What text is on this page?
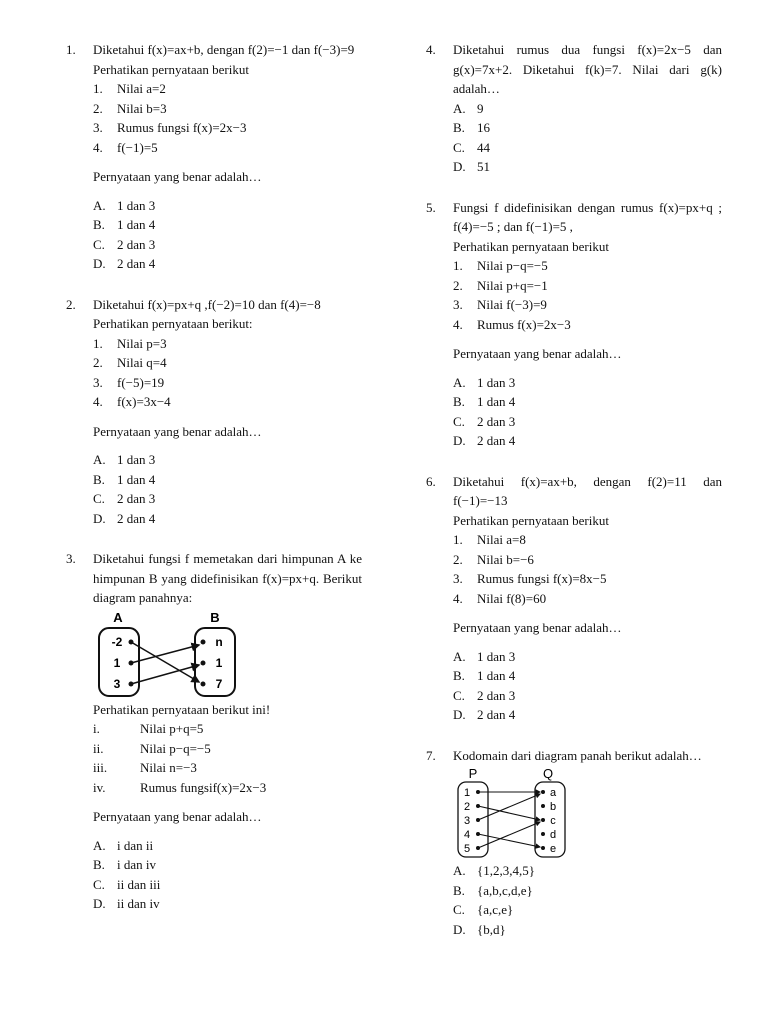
1. Diketahui f(x)=ax+b, dengan f(2)=−1 dan f(−3)=9
Perhatikan pernyataan berikut
1.	Nilai a=2
2.	Nilai b=3
3.	Rumus fungsi f(x)=2x−3
4.	f(−1)=5
Pernyataan yang benar adalah…
A. 1 dan 3
B. 1 dan 4
C. 2 dan 3
D. 2 dan 4
2. Diketahui f(x)=px+q ,f(−2)=10 dan f(4)=−8
Perhatikan pernyataan berikut:
1.	Nilai p=3
2.	Nilai q=4
3.	f(−5)=19
4.	f(x)=3x−4
Pernyataan yang benar adalah…
A. 1 dan 3
B. 1 dan 4
C. 2 dan 3
D. 2 dan 4
3. Diketahui fungsi f memetakan dari himpunan A ke himpunan B yang didefinisikan f(x)=px+q. Berikut diagram panahnya:
A	B
-2
1
3
n
1
7
Perhatikan pernyataan berikut ini!
i.	Nilai p+q=5
ii.	Nilai p−q=−5
iii.	Nilai n=−3
iv.	Rumus fungsif(x)=2x−3
Pernyataan yang benar adalah…
A. i dan ii
B. i dan iv
C. ii dan iii
D. ii dan iv
4. Diketahui rumus dua fungsi f(x)=2x−5 dan g(x)=7x+2. Diketahui f(k)=7. Nilai dari g(k) adalah…
A. 9
B. 16
C. 44
D. 51
5. Fungsi f didefinisikan dengan rumus f(x)=px+q ; f(4)=−5 ; dan f(−1)=5 ,
Perhatikan pernyataan berikut
1.	Nilai p−q=−5
2.	Nilai p+q=−1
3.	Nilai f(−3)=9
4.	Rumus f(x)=2x−3
Pernyataan yang benar adalah…
A. 1 dan 3
B. 1 dan 4
C. 2 dan 3
D. 2 dan 4
6. Diketahui f(x)=ax+b, dengan f(2)=11 dan f(−1)=−13
Perhatikan pernyataan berikut
1.	Nilai a=8
2.	Nilai b=−6
3.	Rumus fungsi f(x)=8x−5
4.	Nilai f(8)=60
Pernyataan yang benar adalah…
A. 1 dan 3
B. 1 dan 4
C. 2 dan 3
D. 2 dan 4
7. Kodomain dari diagram panah berikut adalah…
P	Q
1
2
3
4
5
a
b
c
d
e
A. {1,2,3,4,5}
B. {a,b,c,d,e}
C. {a,c,e}
D. {b,d}
